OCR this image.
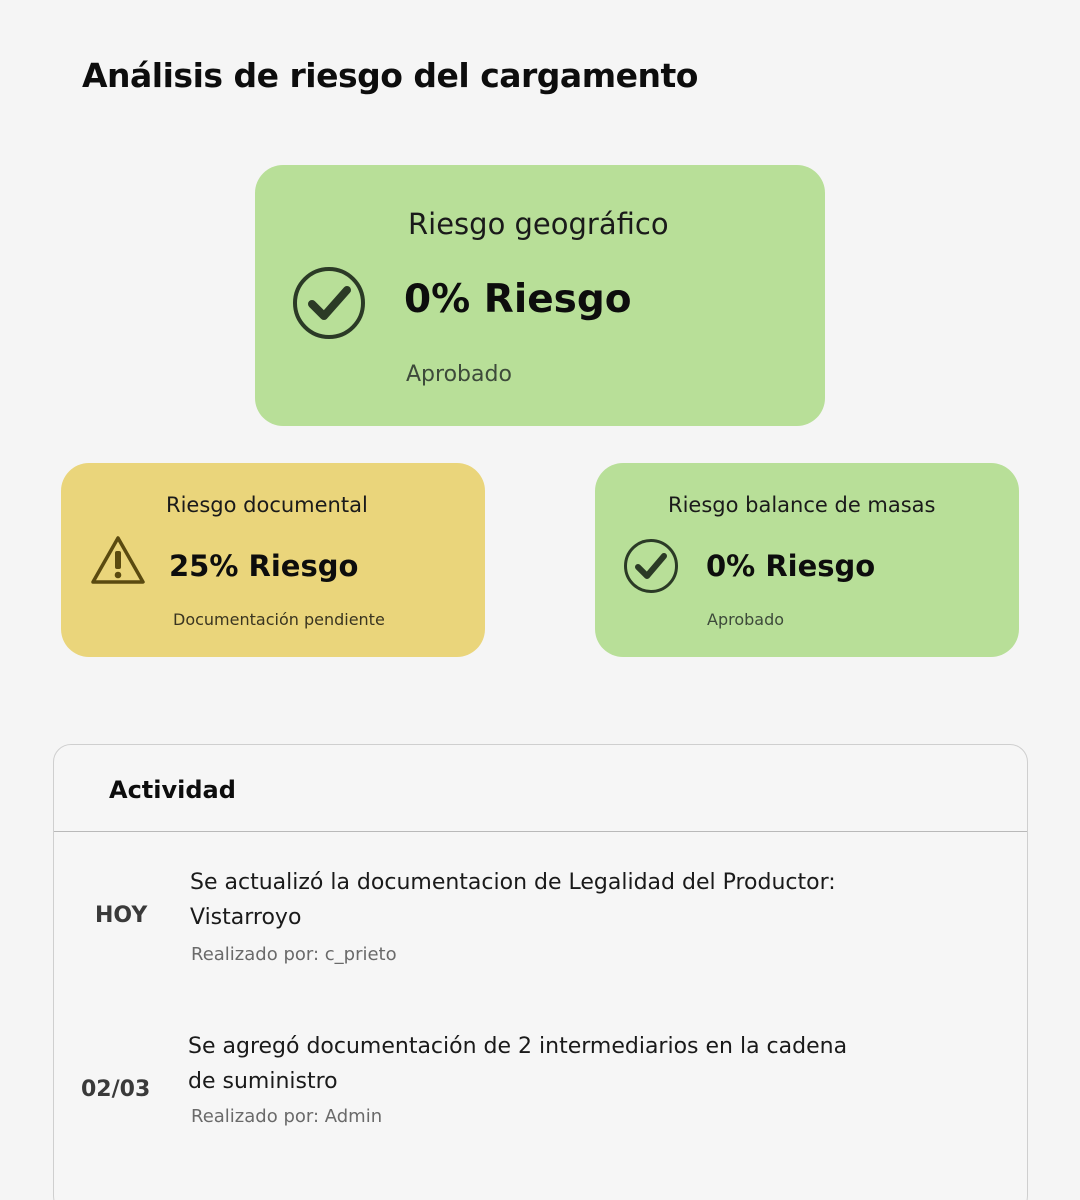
Análisis de riesgo del cargamento
Riesgo geográfico
0% Riesgo
Aprobado
Riesgo documental
25% Riesgo
Documentación pendiente
Riesgo balance de masas
0% Riesgo
Aprobado
Actividad
HOY
Se actualizó la documentacion de Legalidad del Productor: Vistarroyo
Realizado por: c_prieto
02/03
Se agregó documentación de 2 intermediarios en la cadena de suministro
Realizado por: Admin
